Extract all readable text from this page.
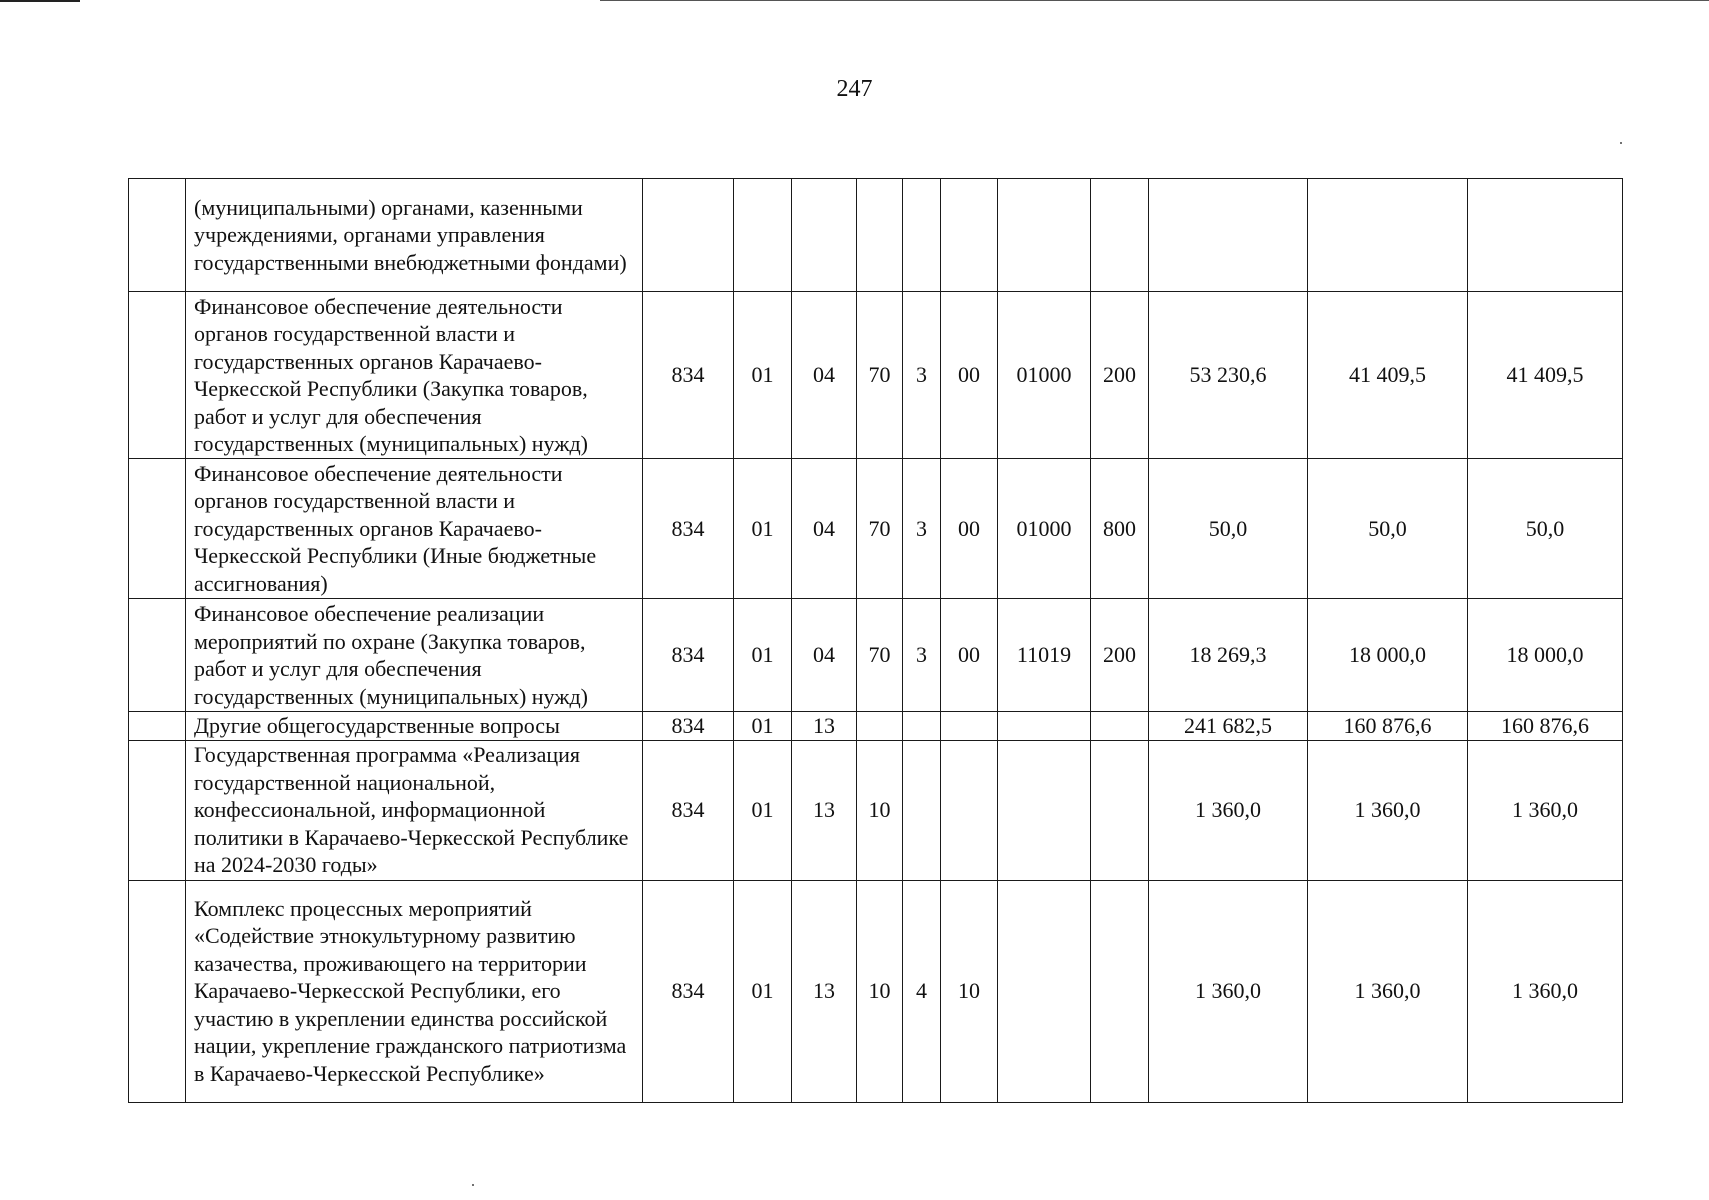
247
	(муниципальными) органами, казенными учреждениями, органами управления государственными внебюджетными фондами)											
	Финансовое обеспечение деятельности органов государственной власти и государственных органов Карачаево-Черкесской Республики (Закупка товаров, работ и услуг для обеспечения государственных (муниципальных) нужд)	834	01	04	70	3	00	01000	200	53 230,6	41 409,5	41 409,5
	Финансовое обеспечение деятельности органов государственной власти и государственных органов Карачаево-Черкесской Республики (Иные бюджетные ассигнования)	834	01	04	70	3	00	01000	800	50,0	50,0	50,0
	Финансовое обеспечение реализации мероприятий по охране (Закупка товаров, работ и услуг для обеспечения государственных (муниципальных) нужд)	834	01	04	70	3	00	11019	200	18 269,3	18 000,0	18 000,0
	Другие общегосударственные вопросы	834	01	13						241 682,5	160 876,6	160 876,6
	Государственная программа «Реализация государственной национальной, конфессиональной, информационной политики в Карачаево-Черкесской Республике на 2024-2030 годы»	834	01	13	10					1 360,0	1 360,0	1 360,0
	Комплекс процессных мероприятий «Содействие этнокультурному развитию казачества, проживающего на территории Карачаево-Черкесской Республики, его участию в укреплении единства российской нации, укрепление гражданского патриотизма в Карачаево-Черкесской Республике»	834	01	13	10	4	10			1 360,0	1 360,0	1 360,0
